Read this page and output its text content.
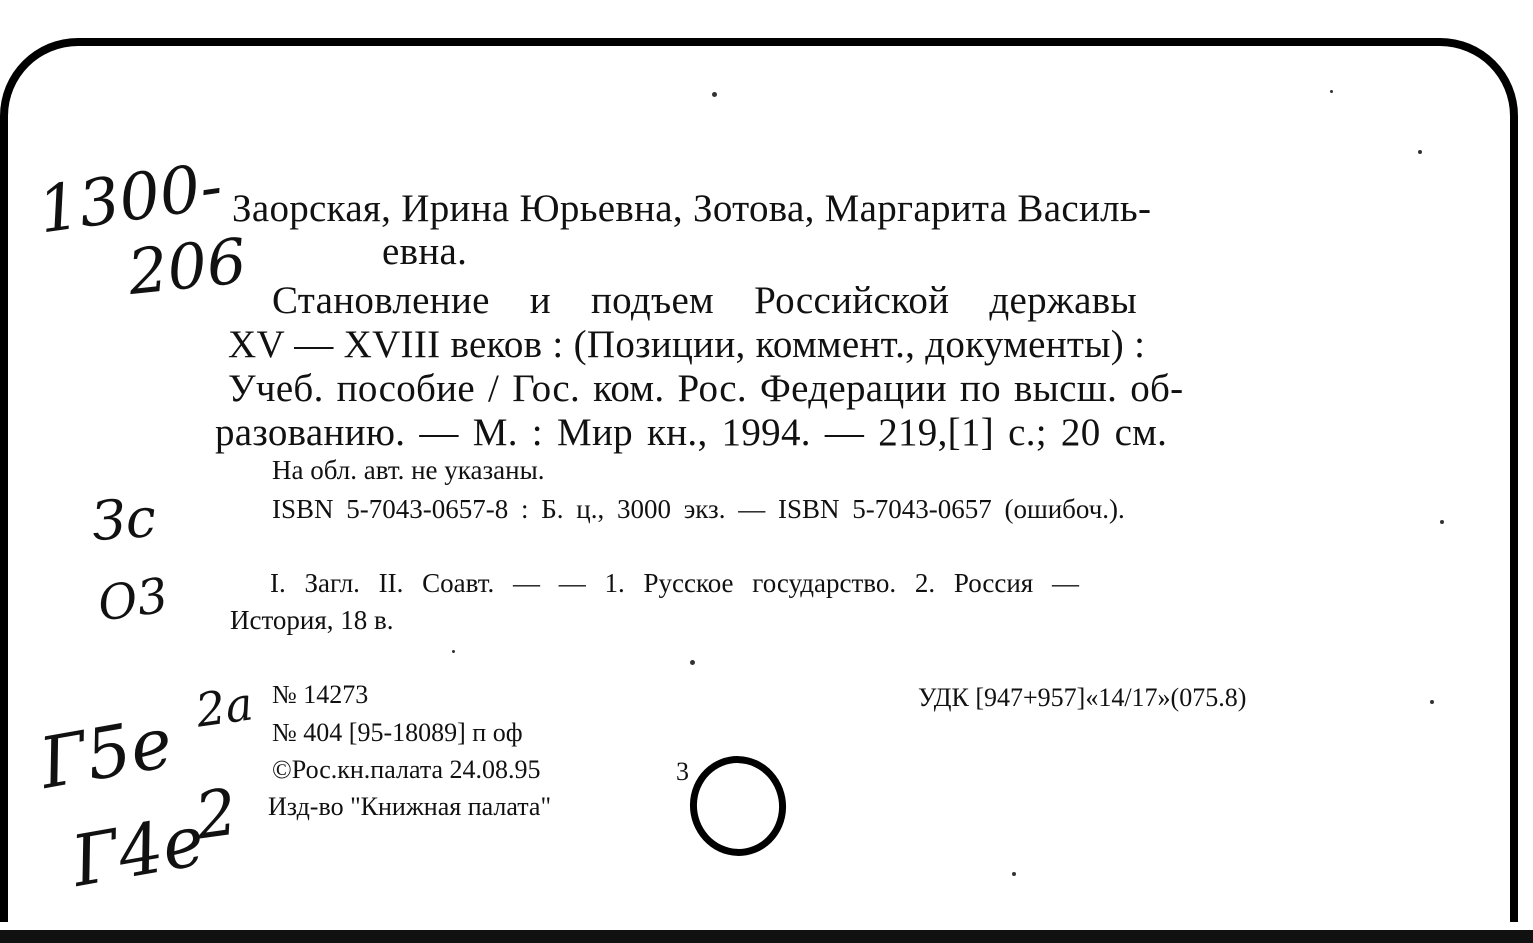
Заорская, Ирина Юрьевна, Зотова, Маргарита Василь-
евна.
Становление и подъем Российской державы
XV — XVIII веков : (Позиции, коммент., документы) :
Учеб. пособие / Гос. ком. Рос. Федерации по высш. об-
разованию. — М. : Мир кн., 1994. — 219,[1] с.; 20 см.
На обл. авт. не указаны.
ISBN 5-7043-0657-8 : Б. ц., 3000 экз. — ISBN 5-7043-0657 (ошибоч.).
I. Загл. II. Соавт. — — 1. Русское государство. 2. Россия —
История, 18 в.
№ 14273	УДК [947+957]«14/17»(075.8)
№ 404 [95-18089] п оф
©Рос.кн.палата 24.08.95	3
Изд-во "Книжная палата"
1300-
206
Зс
О3
Г5е 2а
Г4е
2
